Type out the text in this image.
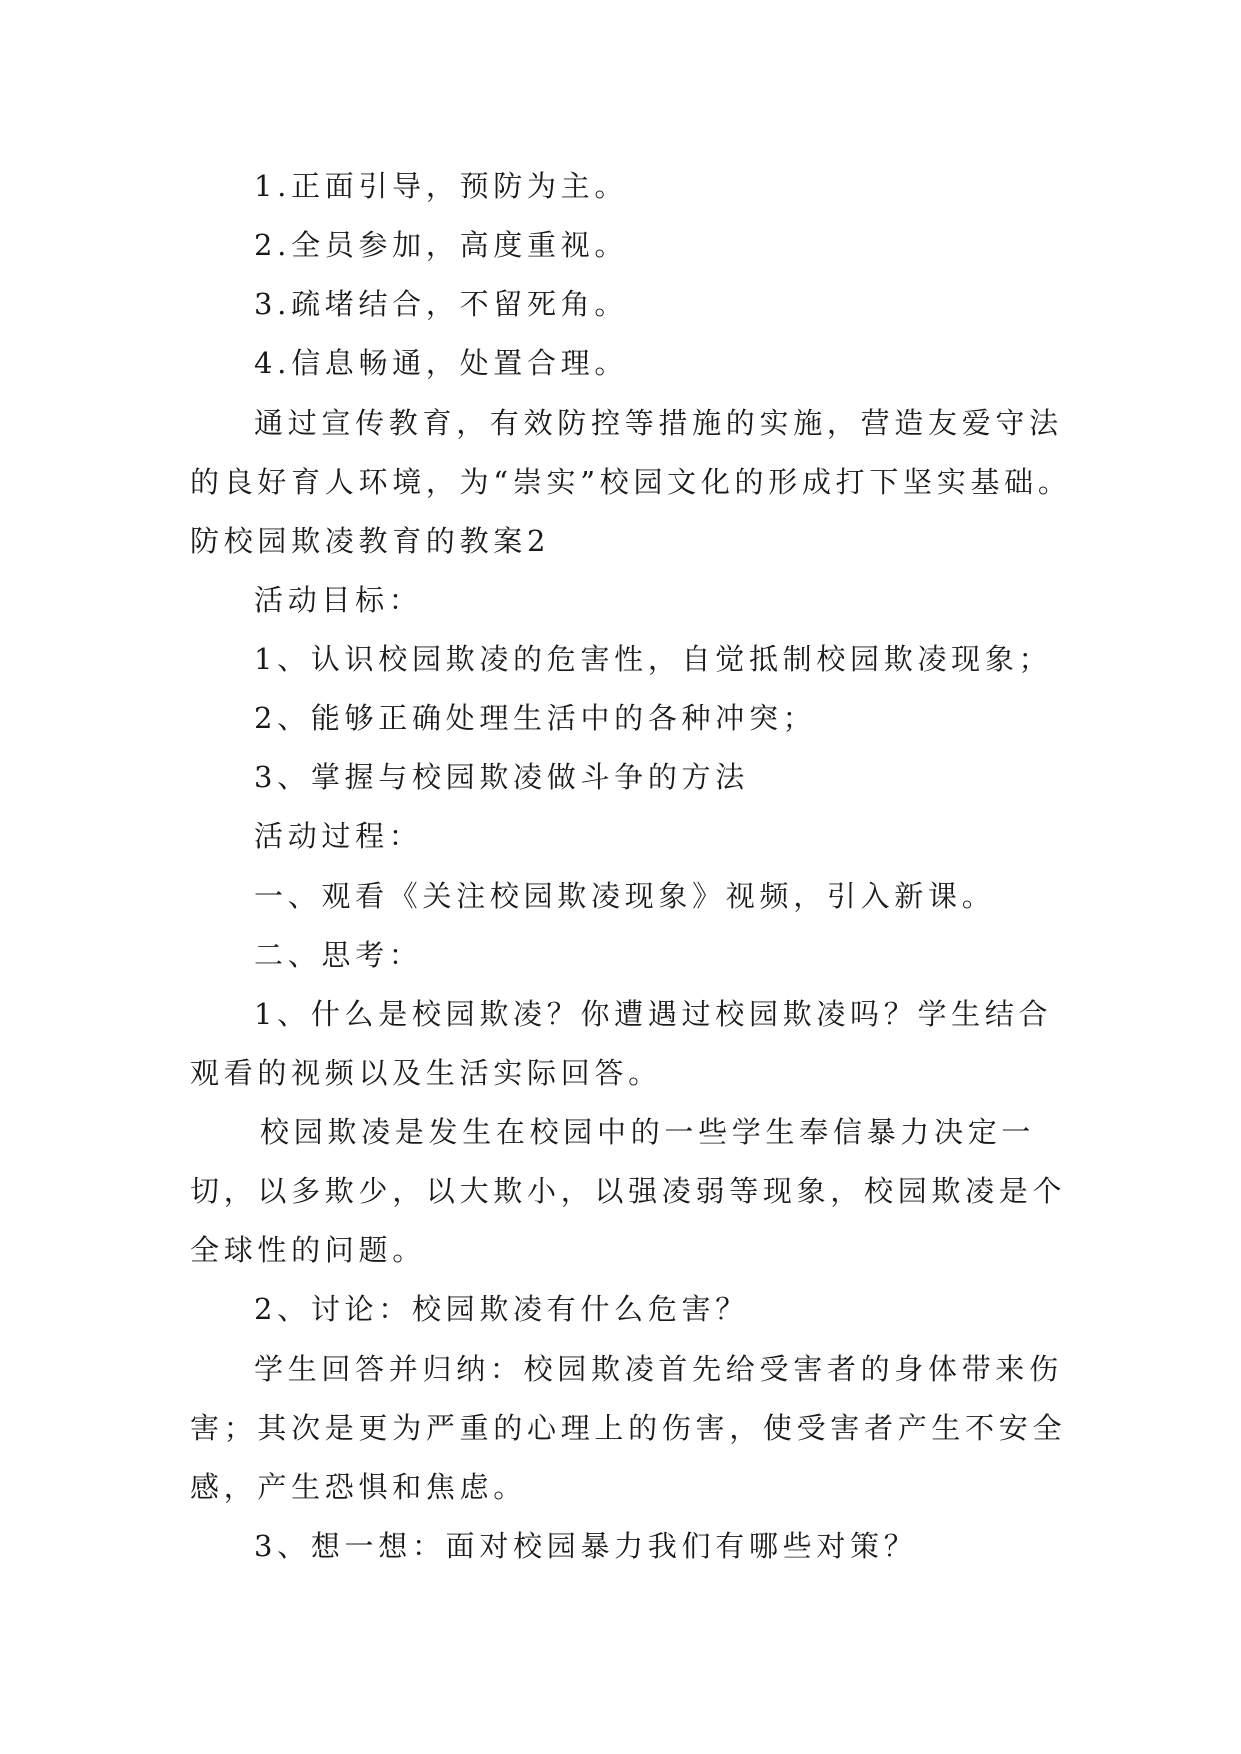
1.正面引导，预防为主。
2.全员参加，高度重视。
3.疏堵结合，不留死角。
4.信息畅通，处置合理。
通过宣传教育，有效防控等措施的实施，营造友爱守法
的良好育人环境，为“崇实”校园文化的形成打下坚实基础。
防校园欺凌教育的教案2
活动目标：
1、认识校园欺凌的危害性，自觉抵制校园欺凌现象；
2、能够正确处理生活中的各种冲突；
3、掌握与校园欺凌做斗争的方法
活动过程：
一、观看《关注校园欺凌现象》视频，引入新课。
二、思考：
1、什么是校园欺凌？你遭遇过校园欺凌吗？学生结合
观看的视频以及生活实际回答。
校园欺凌是发生在校园中的一些学生奉信暴力决定一
切，以多欺少，以大欺小，以强凌弱等现象，校园欺凌是个
全球性的问题。
2、讨论：校园欺凌有什么危害？
学生回答并归纳：校园欺凌首先给受害者的身体带来伤
害；其次是更为严重的心理上的伤害，使受害者产生不安全
感，产生恐惧和焦虑。
3、想一想：面对校园暴力我们有哪些对策？
